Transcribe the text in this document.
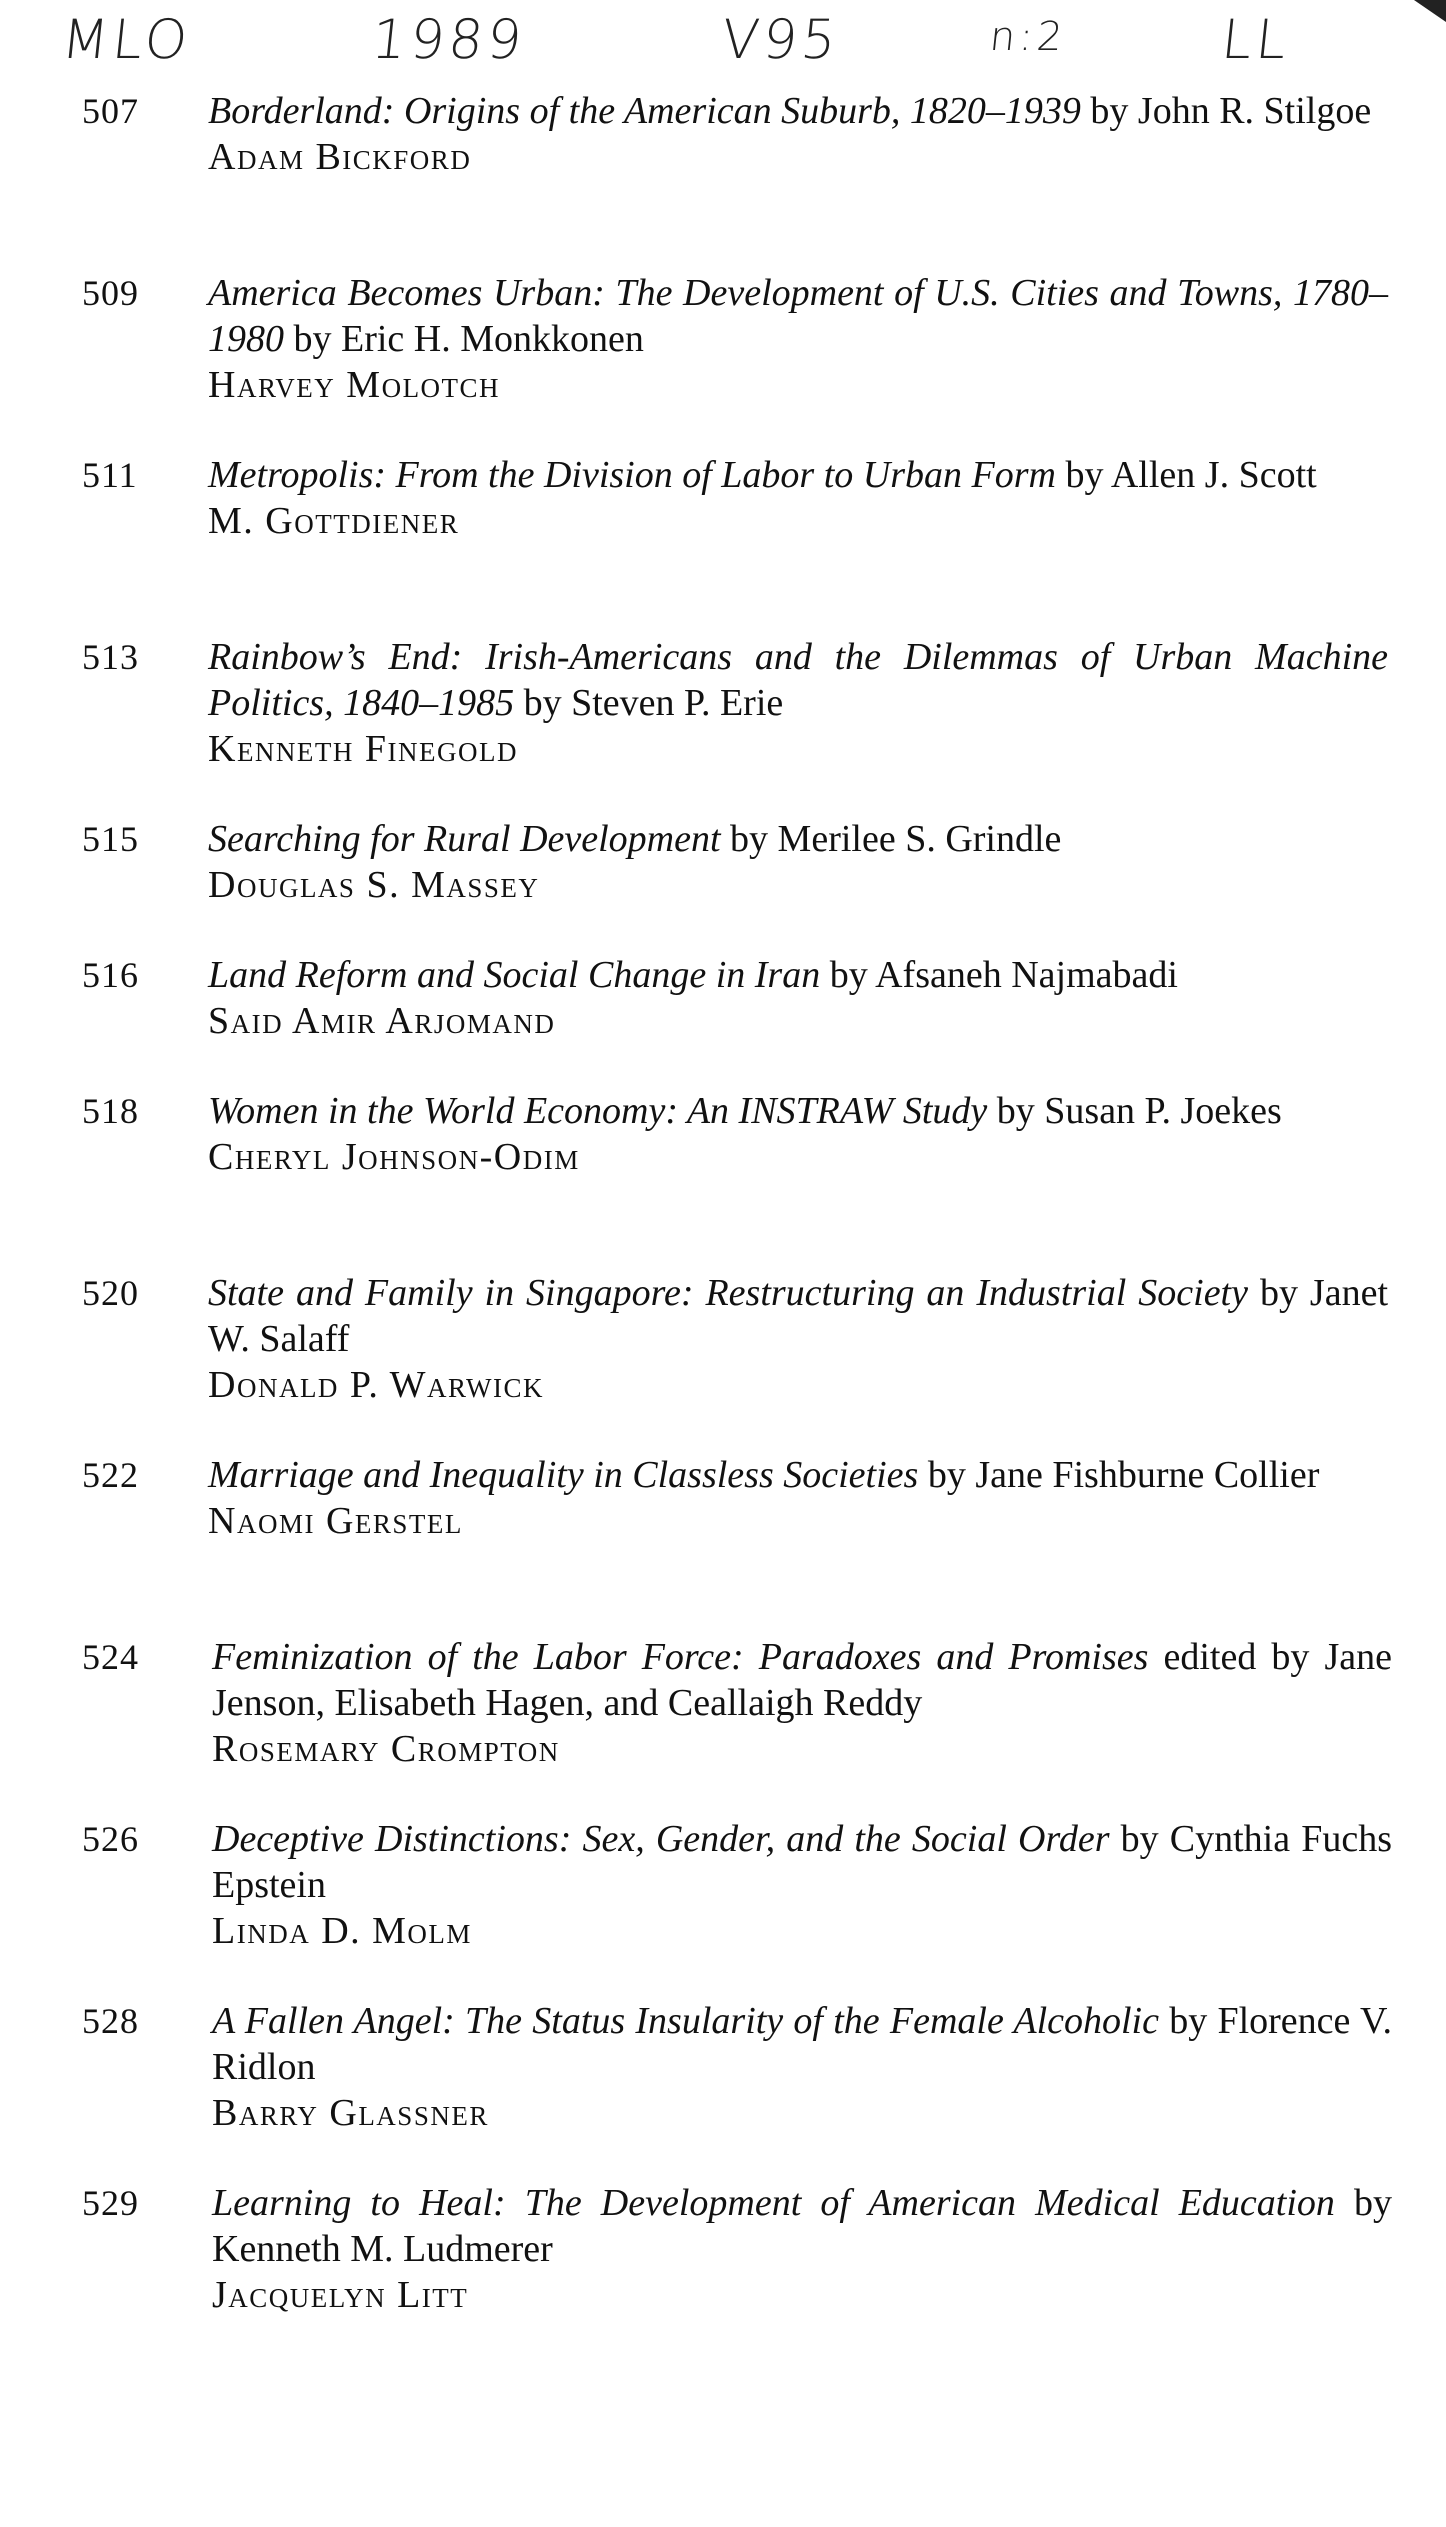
MLO	1989	V95	n:2	LL
507	Borderland: Origins of the American Suburb, 1820–1939 by John R. Stilgoe
Adam Bickford
509	America Becomes Urban: The Development of U.S. Cities and Towns, 1780–1980 by Eric H. Monkkonen
Harvey Molotch
511	Metropolis: From the Division of Labor to Urban Form by Allen J. Scott
M. Gottdiener
513	Rainbow’s End: Irish-Americans and the Dilemmas of Urban Machine Politics, 1840–1985 by Steven P. Erie
Kenneth Finegold
515	Searching for Rural Development by Merilee S. Grindle
Douglas S. Massey
516	Land Reform and Social Change in Iran by Afsaneh Najmabadi
Said Amir Arjomand
518	Women in the World Economy: An INSTRAW Study by Susan P. Joekes
Cheryl Johnson-Odim
520	State and Family in Singapore: Restructuring an Industrial Society by Janet W. Salaff
Donald P. Warwick
522	Marriage and Inequality in Classless Societies by Jane Fishburne Collier
Naomi Gerstel
524	Feminization of the Labor Force: Paradoxes and Promises edited by Jane Jenson, Elisabeth Hagen, and Ceallaigh Reddy
Rosemary Crompton
526	Deceptive Distinctions: Sex, Gender, and the Social Order by Cynthia Fuchs Epstein
Linda D. Molm
528	A Fallen Angel: The Status Insularity of the Female Alcoholic by Florence V. Ridlon
Barry Glassner
529	Learning to Heal: The Development of American Medical Education by Kenneth M. Ludmerer
Jacquelyn Litt
